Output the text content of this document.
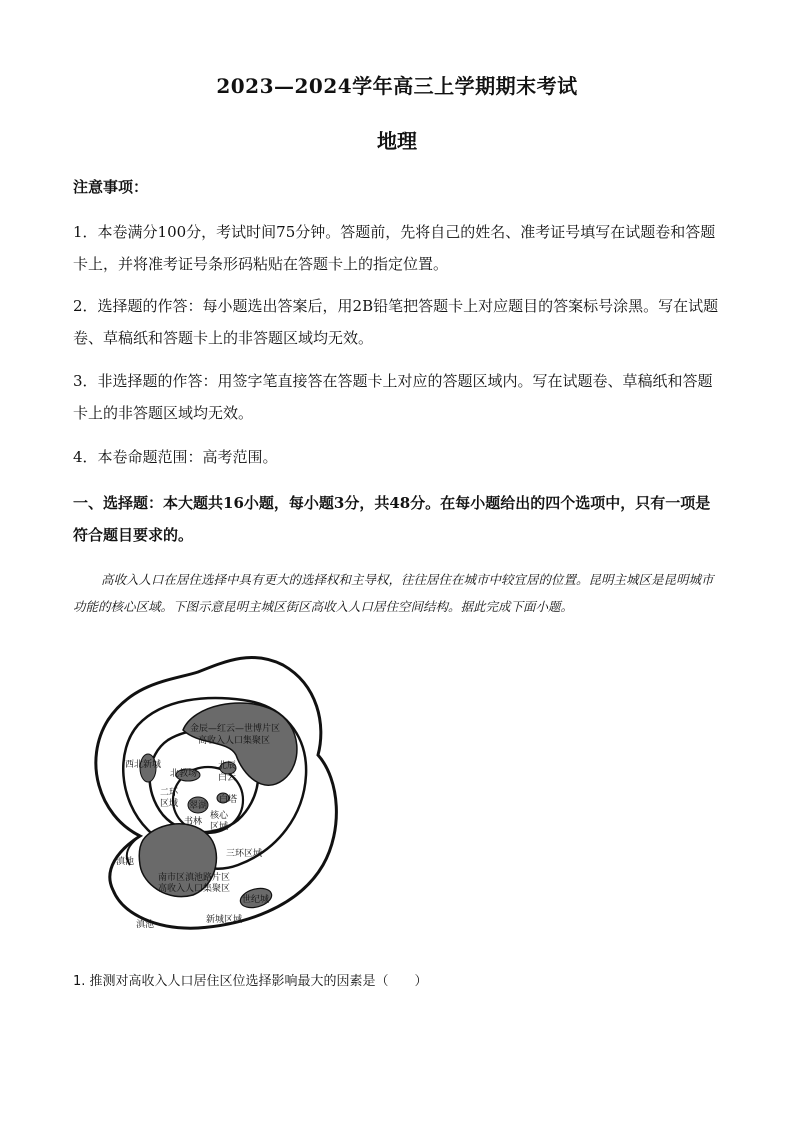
2023—2024学年高三上学期期末考试
地理
注意事项：
1．本卷满分100分，考试时间75分钟。答题前，先将自己的姓名、准考证号填写在试题卷和答题卡上，并将准考证号条形码粘贴在答题卡上的指定位置。
2．选择题的作答：每小题选出答案后，用2B铅笔把答题卡上对应题目的答案标号涂黑。写在试题卷、草稿纸和答题卡上的非答题区域均无效。
3．非选择题的作答：用签字笔直接答在答题卡上对应的答题区域内。写在试题卷、草稿纸和答题卡上的非答题区域均无效。
4．本卷命题范围：高考范围。
一、选择题：本大题共16小题，每小题3分，共48分。在每小题给出的四个选项中，只有一项是符合题目要求的。
高收入人口在居住选择中具有更大的选择权和主导权，往往居住在城市中较宜居的位置。昆明主城区是昆明城市功能的核心区域。下图示意昆明主城区街区高收入人口居住空间结构。据此完成下面小题。
金辰—红云—世博片区
高收入人口集聚区
西北新城
北教场
北辰
白云
二环
区域 翠湖
白塔
书林
核心
区域
三环区域
滇池
南市区滇池路片区
高收入人口集聚区
世纪城
新城区域
滇池
1. 推测对高收入人口居住区位选择影响最大的因素是（　　）
